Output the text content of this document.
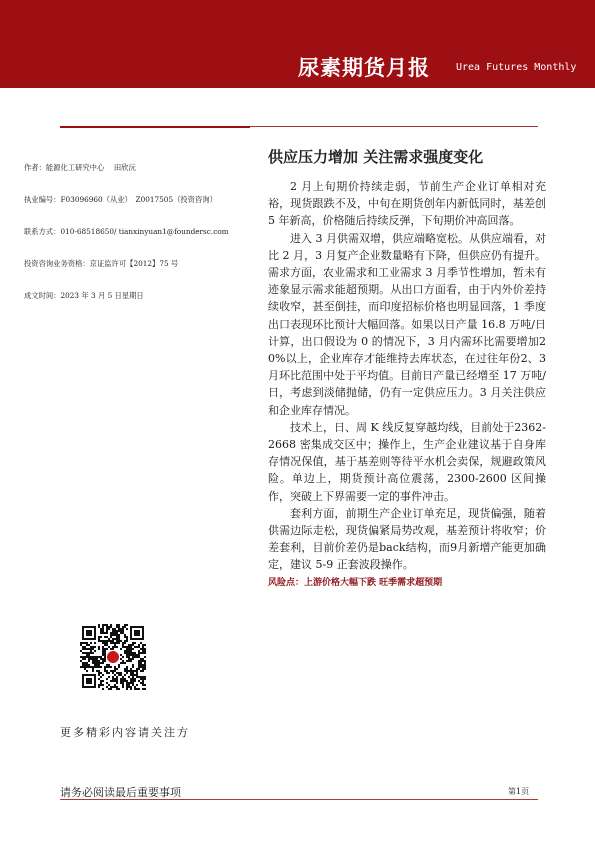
尿素期货月报	Urea Futures Monthly
作者：能源化工研究中心　 田欣沅
执业编号：F03096960（从业）　Z0017505（投资咨询）
联系方式：010-68518650/ tianxinyuan1@foundersc.com
投资咨询业务资格：京证监许可【2012】75 号
成文时间：2023 年 3 月 5 日星期日
供应压力增加 关注需求强度变化

2 月上旬期价持续走弱，节前生产企业订单相对充裕，现货跟跌不及，中旬在期货创年内新低同时，基差创 5 年新高，价格随后持续反弹，下旬期价冲高回落。

进入 3 月供需双增，供应端略宽松。从供应端看，对比 2 月，3 月复产企业数量略有下降，但供应仍有提升。需求方面，农业需求和工业需求 3 月季节性增加，暂未有迹象显示需求能超预期。从出口方面看，由于内外价差持续收窄，甚至倒挂，而印度招标价格也明显回落，1 季度出口表现环比预计大幅回落。如果以日产量 16.8 万吨/日计算，出口假设为 0 的情况下，3 月内需环比需要增加20%以上，企业库存才能维持去库状态，在过往年份2、3月环比范围中处于平均值。目前日产量已经增至 17 万吨/日，考虑到淡储抛储，仍有一定供应压力。3 月关注供应和企业库存情况。

技术上，日、周 K 线反复穿越均线，目前处于2362-2668 密集成交区中；操作上，生产企业建议基于自身库存情况保值，基于基差则等待平水机会卖保，规避政策风险。单边上，期货预计高位震荡，2300-2600 区间操作，突破上下界需要一定的事件冲击。

套利方面，前期生产企业订单充足，现货偏强，随着供需边际走松，现货偏紧局势改观，基差预计将收窄；价差套利，目前价差仍是back结构，而9月新增产能更加确定，建议 5-9 正套波段操作。

风险点：上游价格大幅下跌 旺季需求超预期
更多精彩内容请关注方
请务必阅读最后重要事项	第1页
